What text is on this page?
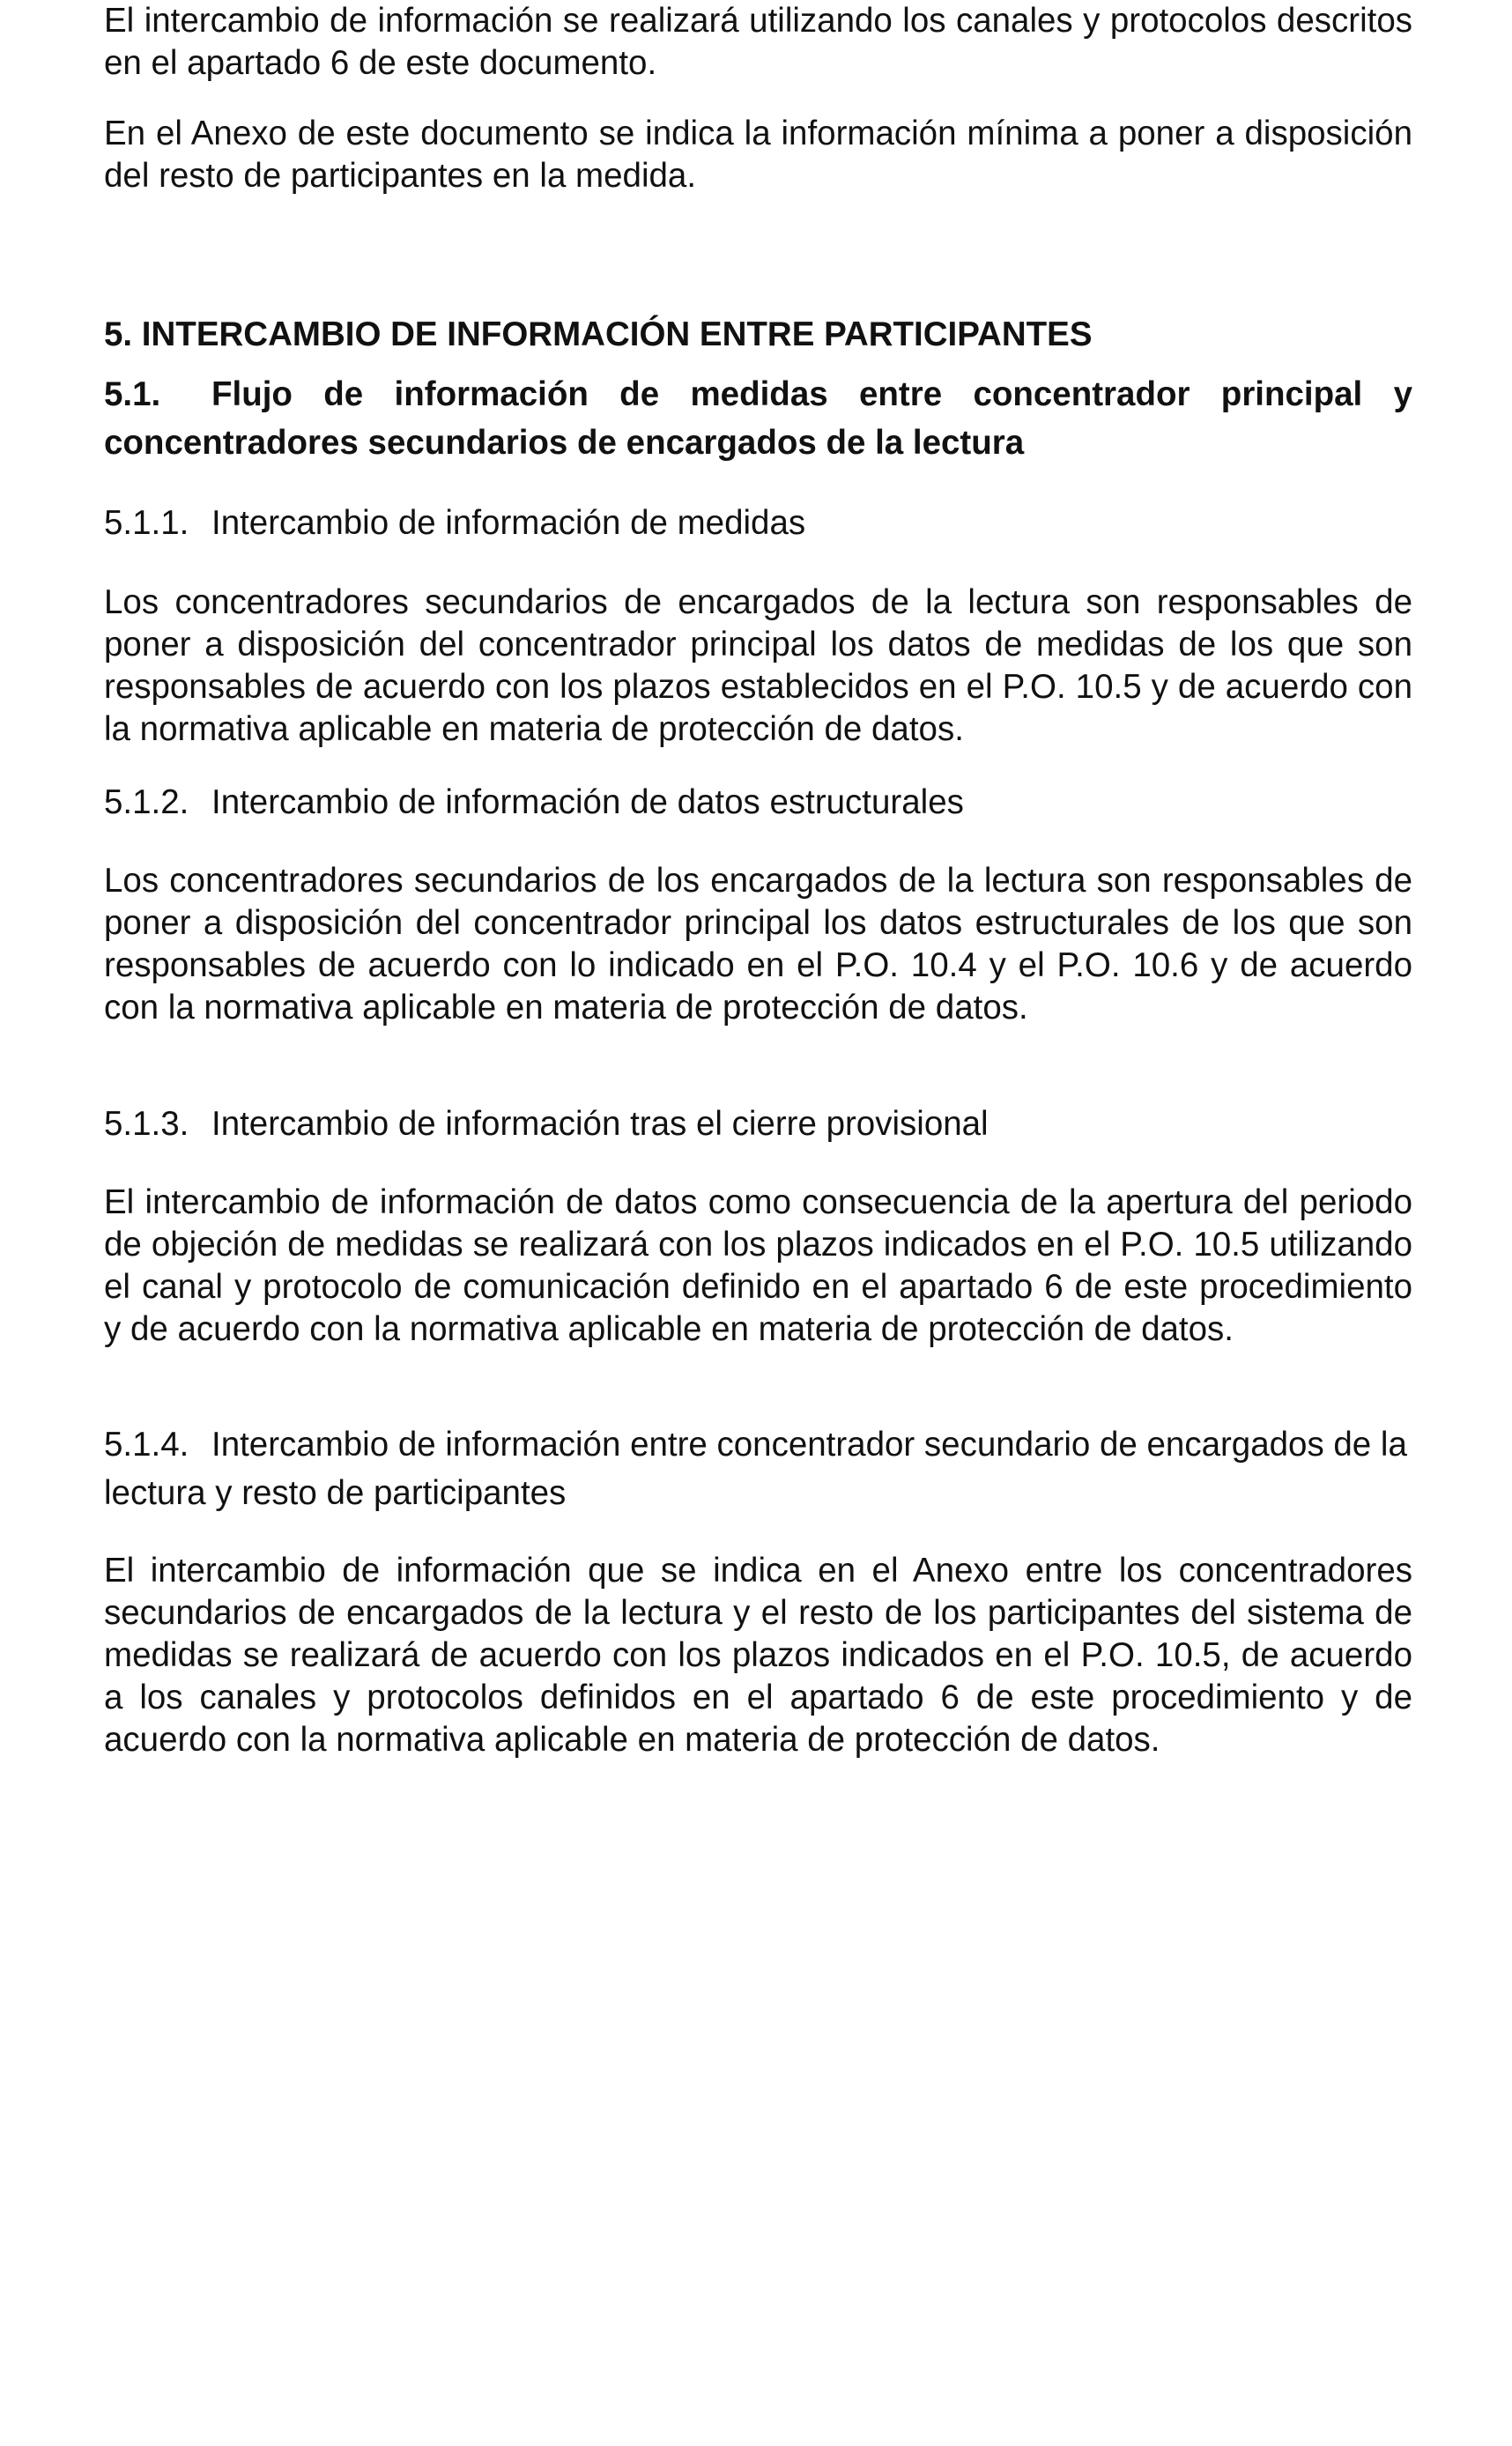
El intercambio de información se realizará utilizando los canales y protocolos descritos en el apartado 6 de este documento.

En el Anexo de este documento se indica la información mínima a poner a disposición del resto de participantes en la medida.

5. INTERCAMBIO DE INFORMACIÓN ENTRE PARTICIPANTES

5.1. Flujo de información de medidas entre concentrador principal y concentradores secundarios de encargados de la lectura
5.1.1. Intercambio de información de medidas

Los concentradores secundarios de encargados de la lectura son responsables de poner a disposición del concentrador principal los datos de medidas de los que son responsables de acuerdo con los plazos establecidos en el P.O. 10.5 y de acuerdo con la normativa aplicable en materia de protección de datos.

5.1.2. Intercambio de información de datos estructurales

Los concentradores secundarios de los encargados de la lectura son responsables de poner a disposición del concentrador principal los datos estructurales de los que son responsables de acuerdo con lo indicado en el P.O. 10.4 y el P.O. 10.6 y de acuerdo con la normativa aplicable en materia de protección de datos.

5.1.3. Intercambio de información tras el cierre provisional

El intercambio de información de datos como consecuencia de la apertura del periodo de objeción de medidas se realizará con los plazos indicados en el P.O. 10.5 utilizando el canal y protocolo de comunicación definido en el apartado 6 de este procedimiento y de acuerdo con la normativa aplicable en materia de protección de datos.

5.1.4. Intercambio de información entre concentrador secundario de encargados de la lectura y resto de participantes

El intercambio de información que se indica en el Anexo entre los concentradores secundarios de encargados de la lectura y el resto de los participantes del sistema de medidas se realizará de acuerdo con los plazos indicados en el P.O. 10.5, de acuerdo a los canales y protocolos definidos en el apartado 6 de este procedimiento y de acuerdo con la normativa aplicable en materia de protección de datos.
